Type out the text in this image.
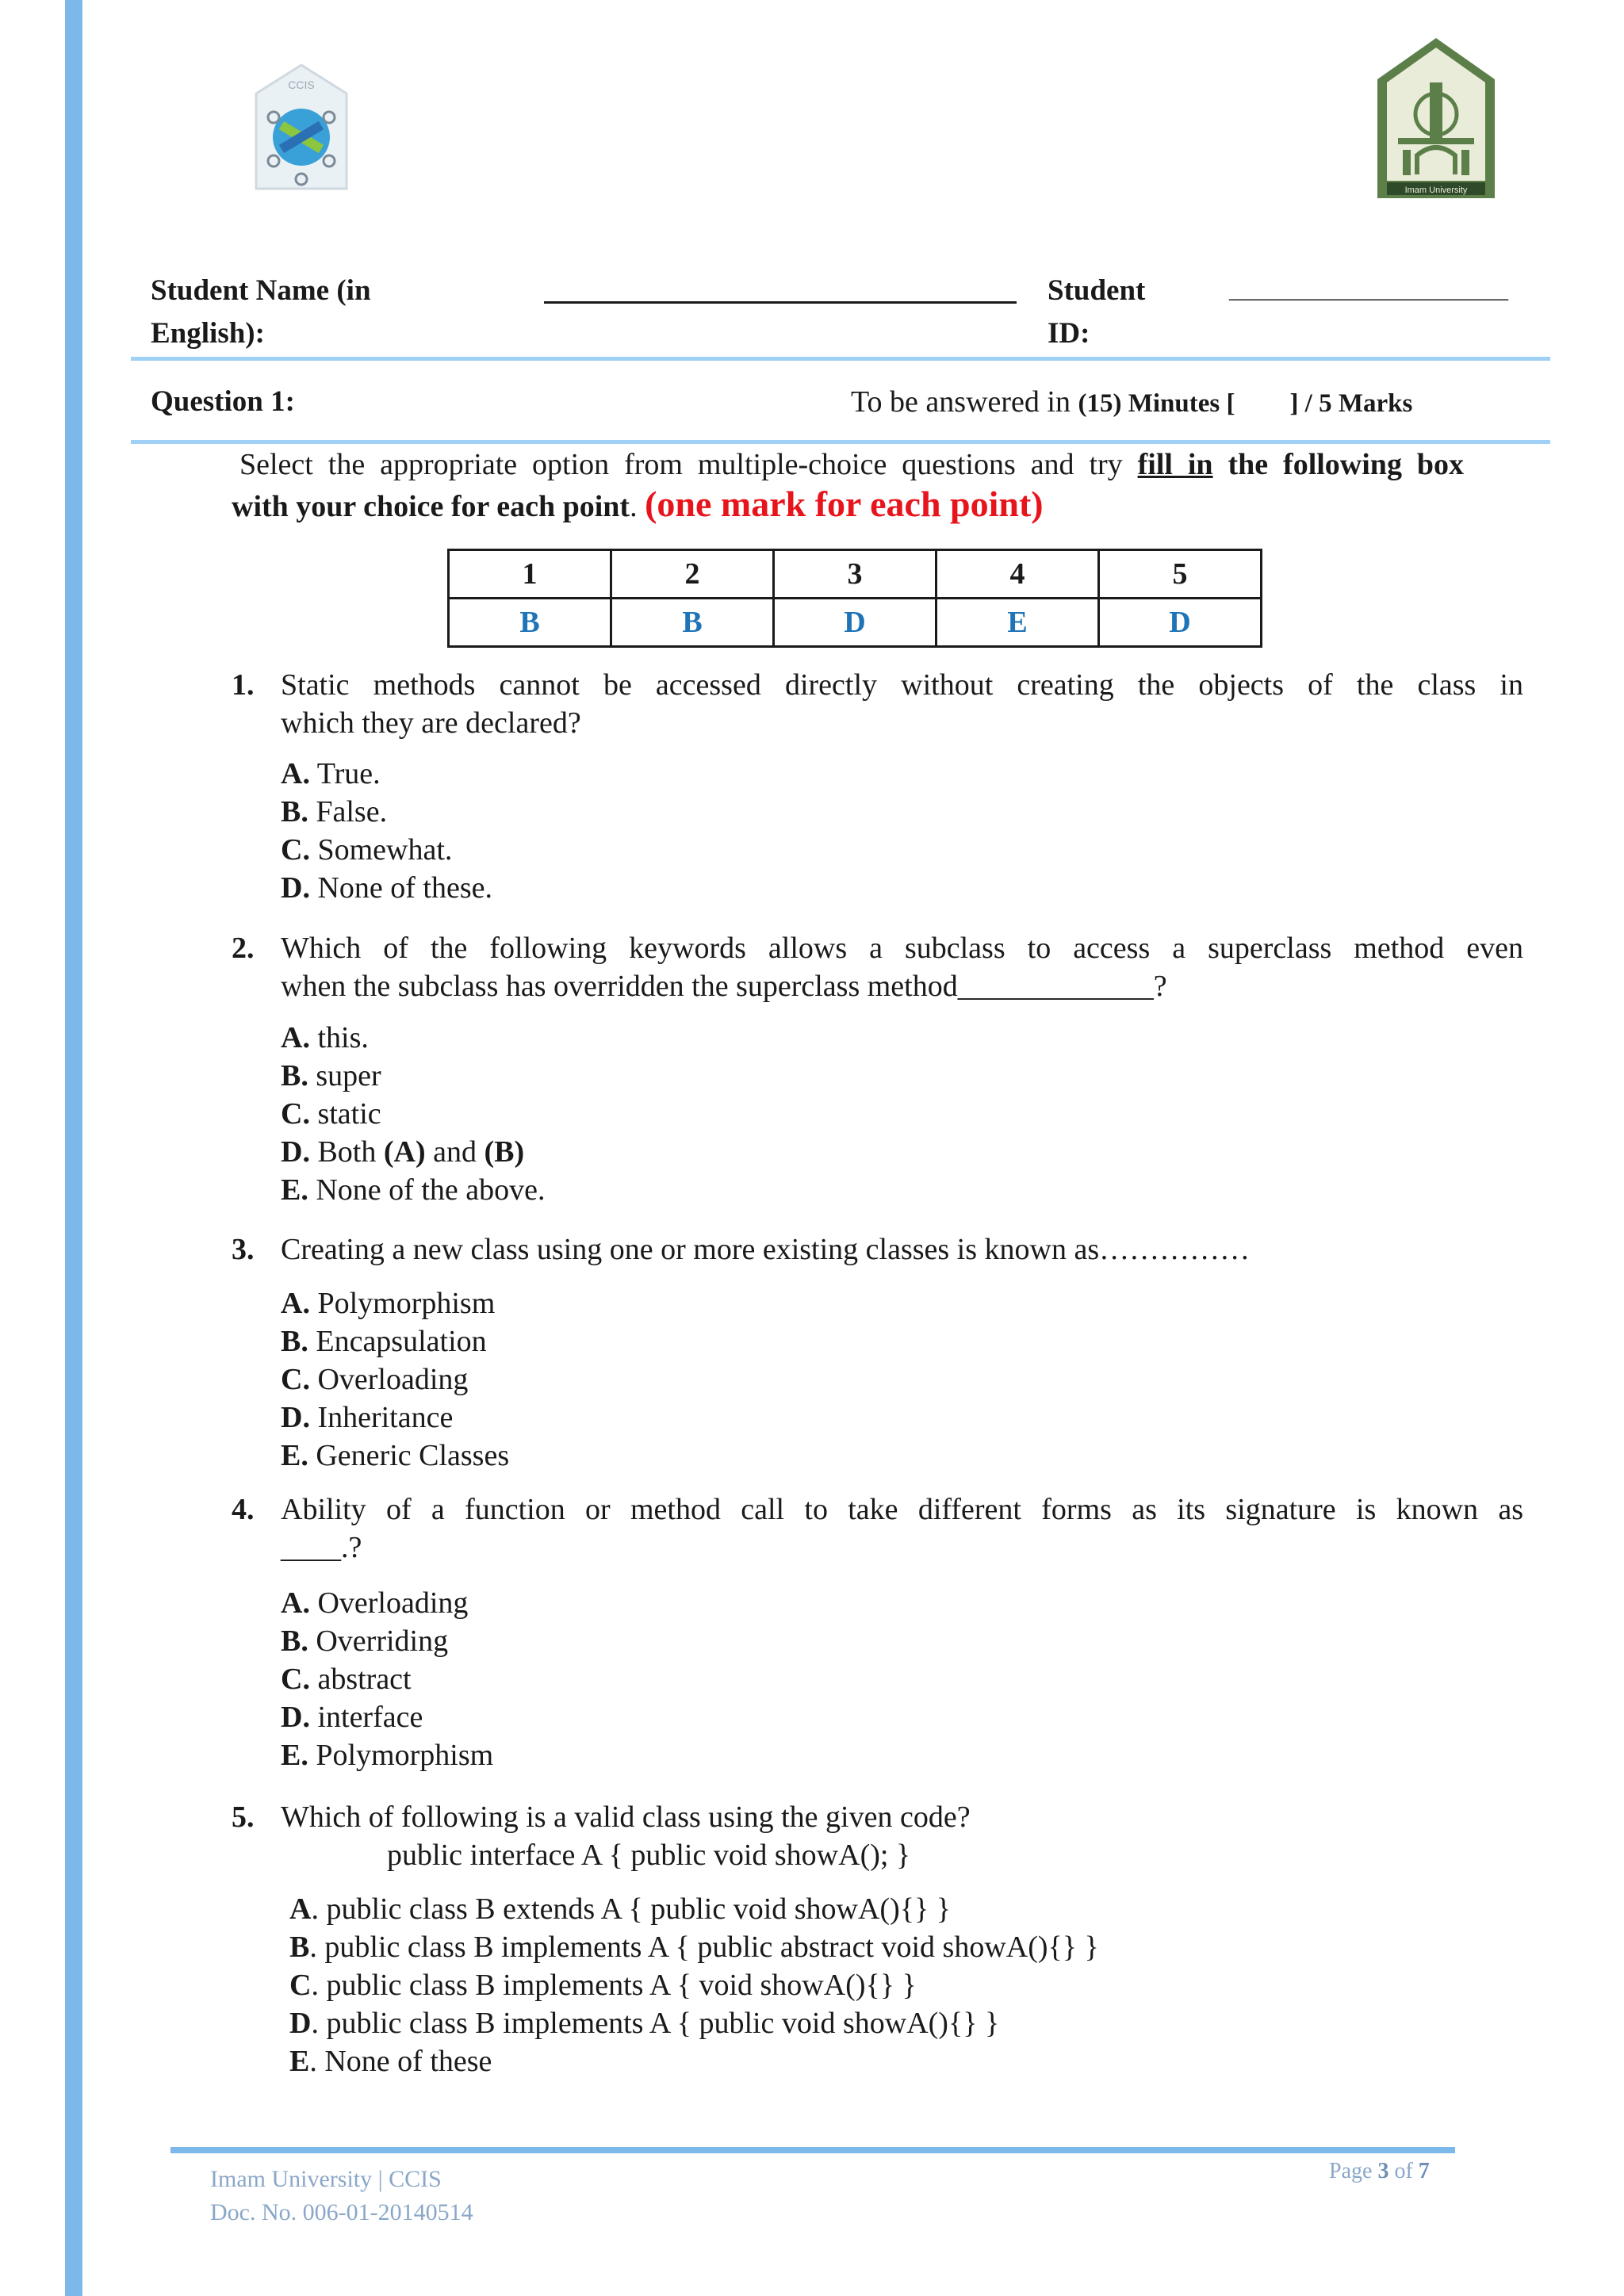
CCIS
Imam University
Student Name (in
English):
Student
ID:
______________________
Question 1:	To be answered in (15) Minutes [ ] / 5 Marks
Select the appropriate option from multiple-choice questions and try fill in the following box
with your choice for each point. (one mark for each point)
1	2	3	4	5
B	B	D	E	D
1. Static methods cannot be accessed directly without creating the objects of the class in
which they are declared?
A. True.
B. False.
C. Somewhat.
D. None of these.
2. Which of the following keywords allows a subclass to access a superclass method even
when the subclass has overridden the superclass method_____________?
A. this.
B. super
C. static
D. Both (A) and (B)
E. None of the above.
3. Creating a new class using one or more existing classes is known as……………
A. Polymorphism
B. Encapsulation
C. Overloading
D. Inheritance
E. Generic Classes
4. Ability of a function or method call to take different forms as its signature is known as
____.?
A. Overloading
B. Overriding
C. abstract
D. interface
E. Polymorphism
5. Which of following is a valid class using the given code?
public interface A { public void showA(); }
A. public class B extends A { public void showA(){} }
B. public class B implements A { public abstract void showA(){} }
C. public class B implements A { void showA(){} }
D. public class B implements A { public void showA(){} }
E. None of these
Imam University | CCIS
Doc. No. 006-01-20140514
Page 3 of 7
